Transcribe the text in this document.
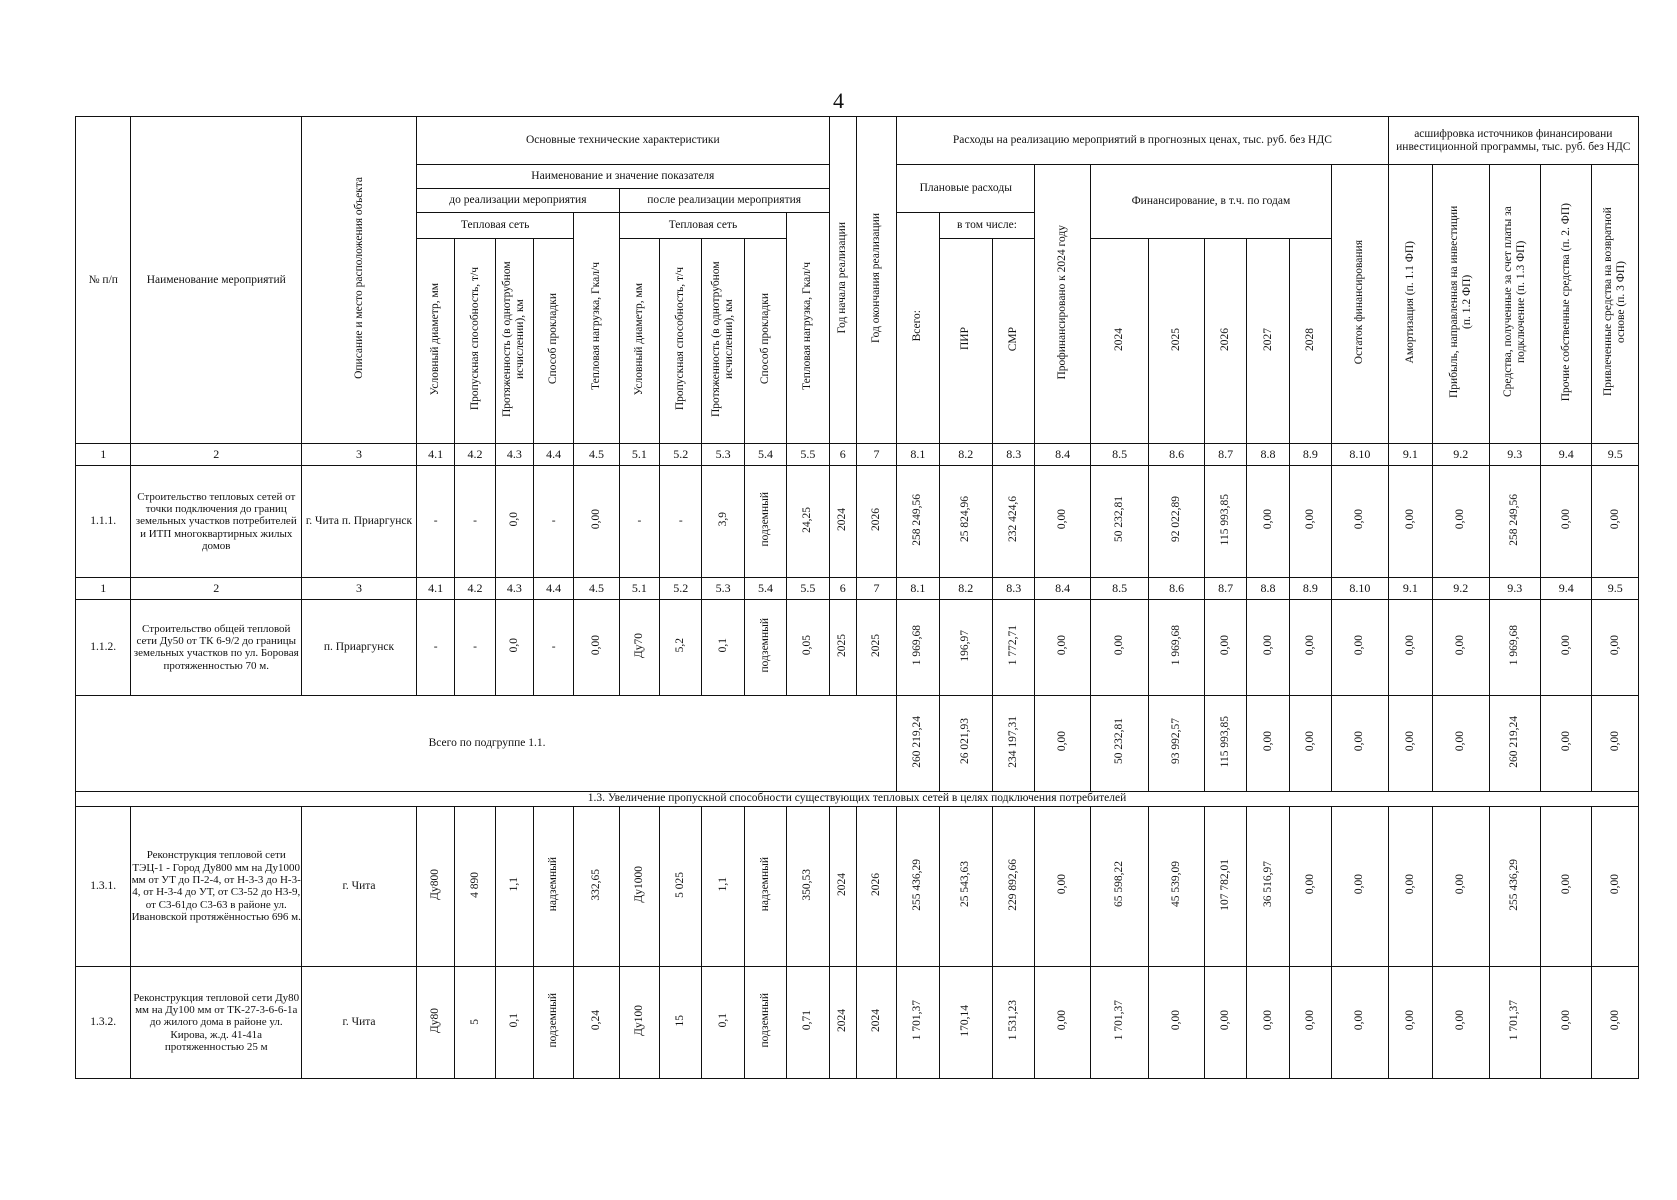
4
№ п/п	Наименование мероприятий	Описание и место расположения объекта	Основные технические характеристики										Год начала реализации	Год окончания реализации	Расходы на реализацию мероприятий в прогнозных ценах, тыс. руб. без НДС										асшифровка источников финансировани инвестиционной программы, тыс. руб. без НДС				
			Наименование и значение показателя												Плановые расходы			Профинансировано к 2024 году	Финансирование, в т.ч. по годам					Остаток финансирования	Амортизация (п. 1.1 ФП)	Прибыль, направленная на инвестиции (п. 1.2 ФП)	Средства, полученные за счет платы за подключение (п. 1.3 ФП)	Прочие собственные средства (п. 2. ФП)	Привлеченные средства на возвратной основе (п. 3 ФП)
			до реализации мероприятия					после реализации мероприятия																					
			Тепловая сеть				Тепловая нагрузка, Гкал/ч	Тепловая сеть				Тепловая нагрузка, Гкал/ч			Всего:	в том числе:													
			Условный диаметр, мм	Пропускная способность, т/ч	Протяженность (в однотрубном исчислении), км	Способ прокладки		Условный диаметр, мм	Пропускная способность, т/ч	Протяженность (в однотрубном исчислении), км	Способ прокладки					ПИР	СМР		2024	2025	2026	2027	2028						
1	2	3	4.1	4.2	4.3	4.4	4.5	5.1	5.2	5.3	5.4	5.5	6	7	8.1	8.2	8.3	8.4	8.5	8.6	8.7	8.8	8.9	8.10	9.1	9.2	9.3	9.4	9.5
1.1.1.	Строительство тепловых сетей от точки подключения до границ земельных участков потребителей и ИТП многоквартирных жилых домов	г. Чита п. Приаргунск	-	-	0,0	-	0,00	-	-	3,9	подземный	24,25	2024	2026	258 249,56	25 824,96	232 424,6	0,00	50 232,81	92 022,89	115 993,85	0,00	0,00	0,00	0,00	0,00	258 249,56	0,00	0,00
1	2	3	4.1	4.2	4.3	4.4	4.5	5.1	5.2	5.3	5.4	5.5	6	7	8.1	8.2	8.3	8.4	8.5	8.6	8.7	8.8	8.9	8.10	9.1	9.2	9.3	9.4	9.5
1.1.2.	Строительство общей тепловой сети Ду50 от ТК 6-9/2 до границы земельных участков по ул. Боровая протяженностью 70 м.	п. Приаргунск	-	-	0,0	-	0,00	Ду70	5,2	0,1	подземный	0,05	2025	2025	1 969,68	196,97	1 772,71	0,00	0,00	1 969,68	0,00	0,00	0,00	0,00	0,00	0,00	1 969,68	0,00	0,00
Всего по подгруппе 1.1.															260 219,24	26 021,93	234 197,31	0,00	50 232,81	93 992,57	115 993,85	0,00	0,00	0,00	0,00	0,00	260 219,24	0,00	0,00
1.3. Увеличение пропускной способности существующих тепловых сетей в целях подключения потребителей																													
1.3.1.	Реконструкция тепловой сети ТЭЦ-1 - Город Ду800 мм на Ду1000 мм от УТ до П-2-4, от Н-3-3 до Н-3-4, от Н-3-4 до УТ, от С3-52 до Н3-9, от С3-61до С3-63 в районе ул. Ивановской протяжённостью 696 м.	г. Чита	Ду800	4 890	1,1	надземный	332,65	Ду1000	5 025	1,1	надземный	350,53	2024	2026	255 436,29	25 543,63	229 892,66	0,00	65 598,22	45 539,09	107 782,01	36 516,97	0,00	0,00	0,00	0,00	255 436,29	0,00	0,00
1.3.2.	Реконструкция тепловой сети Ду80 мм на Ду100 мм от ТК-27-3-6-6-1а до жилого дома в районе ул. Кирова, ж.д. 41-41а протяженностью 25 м	г. Чита	Ду80	5	0,1	подземный	0,24	Ду100	15	0,1	подземный	0,71	2024	2024	1 701,37	170,14	1 531,23	0,00	1 701,37	0,00	0,00	0,00	0,00	0,00	0,00	0,00	1 701,37	0,00	0,00
